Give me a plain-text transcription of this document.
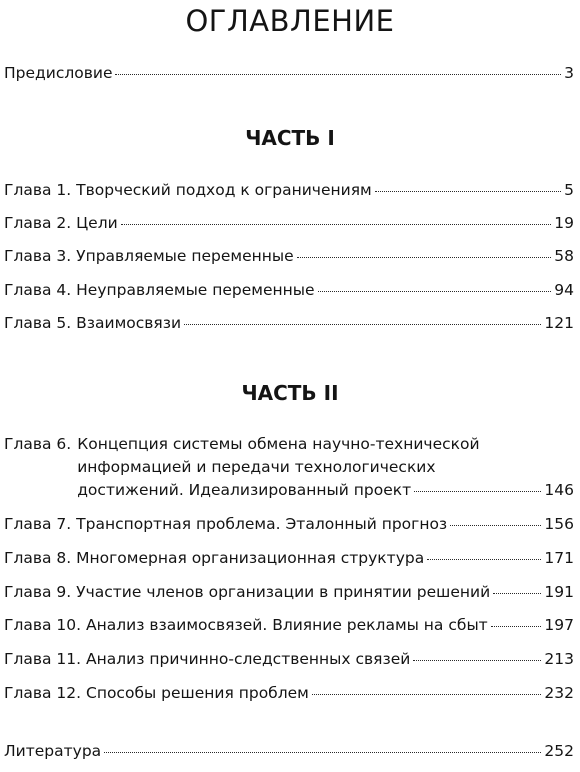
ОГЛАВЛЕНИЕ
Предисловие	3
ЧАСТЬ I
Глава 1. Творческий подход к ограничениям	5
Глава 2. Цели	19
Глава 3. Управляемые переменные	58
Глава 4. Неуправляемые переменные	94
Глава 5. Взаимосвязи	121
ЧАСТЬ II
Глава 6. Концепция системы обмена научно-технической
информацией и передачи технологических
достижений. Идеализированный проект	146
Глава 7. Транспортная проблема. Эталонный прогноз	156
Глава 8. Многомерная организационная структура	171
Глава 9. Участие членов организации в принятии решений	191
Глава 10. Анализ взаимосвязей. Влияние рекламы на сбыт	197
Глава 11. Анализ причинно-следственных связей	213
Глава 12. Способы решения проблем	232
Литература	252
